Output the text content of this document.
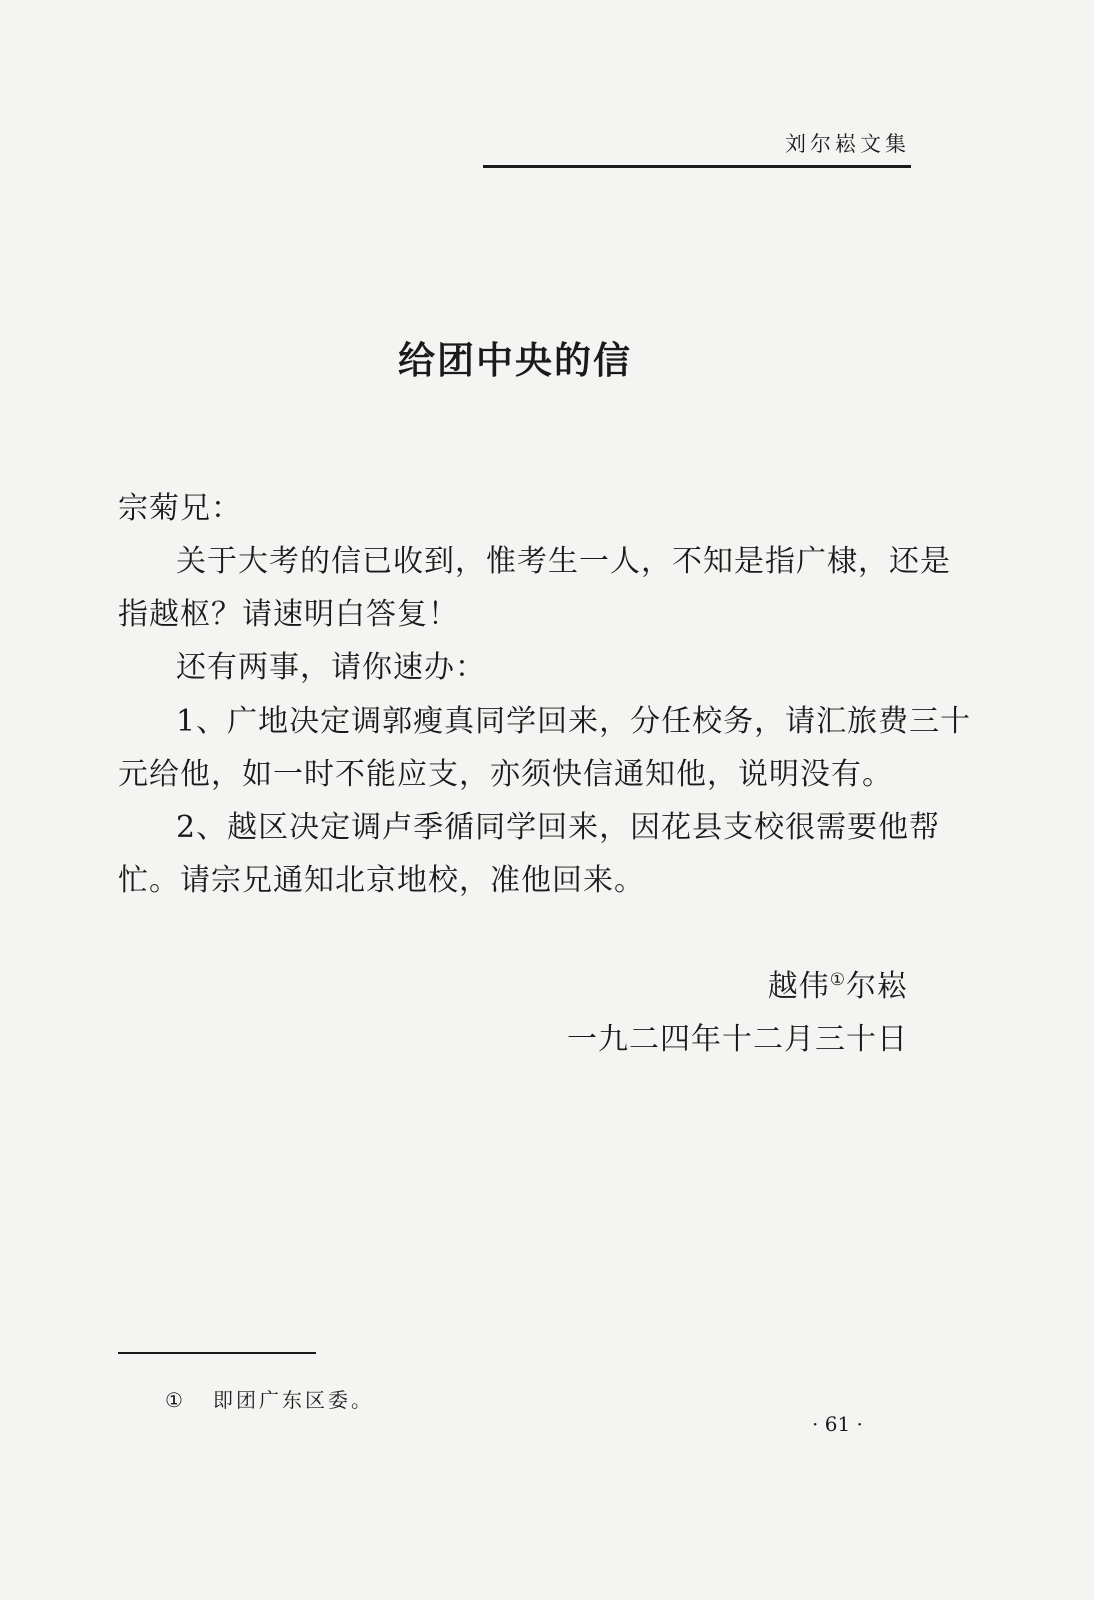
刘尔崧文集
给团中央的信
宗菊兄：
关于大考的信已收到，惟考生一人，不知是指广棣，还是
指越枢？请速明白答复！
还有两事，请你速办：
1、广地决定调郭瘦真同学回来，分任校务，请汇旅费三十
元给他，如一时不能应支，亦须快信通知他，说明没有。
2、越区决定调卢季循同学回来，因花县支校很需要他帮
忙。请宗兄通知北京地校，准他回来。
越伟①尔崧
一九二四年十二月三十日
① 即团广东区委。
· 61 ·
